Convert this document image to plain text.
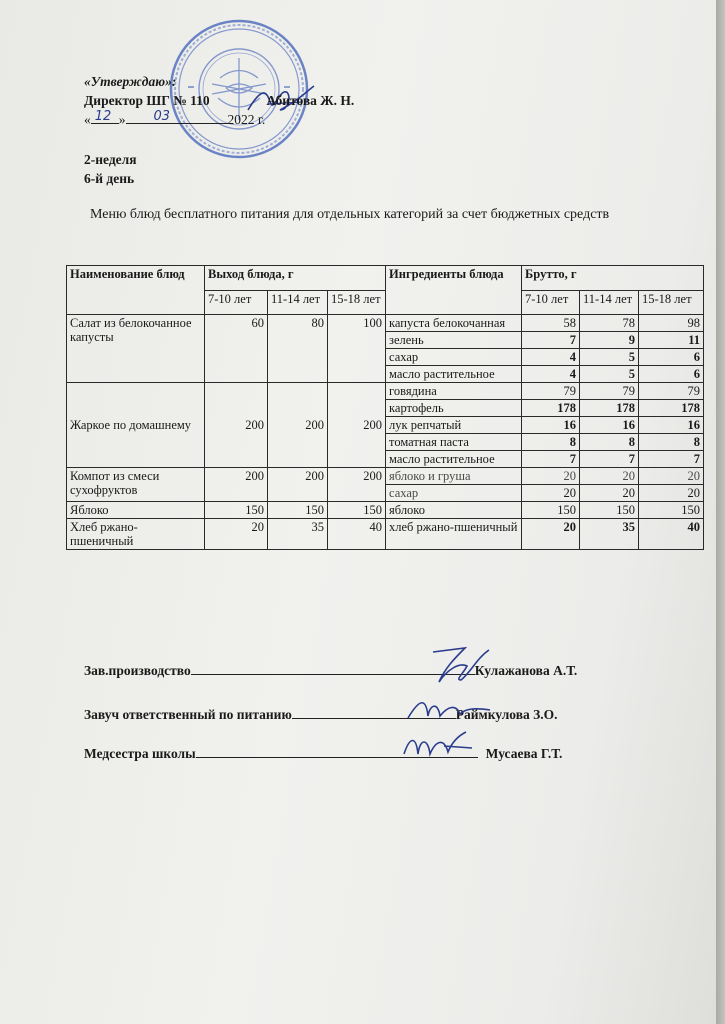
«Утверждаю»:
Директор ШГ № 110	Абитова Ж. Н.
« 12 » 03	2022 г.
2-неделя
6-й день
Меню блюд бесплатного питания для отдельных категорий за счет бюджетных средств
Наименование блюд	Выход блюда, г			Ингредиенты блюда	Брутто, г		
	7-10 лет	11-14 лет	15-18 лет		7-10 лет	11-14 лет	15-18 лет
Салат из белокочанное капусты	60	80	100	капуста белокочанная	58	78	98
				зелень	7	9	11
				сахар	4	5	6
				масло растительное	4	5	6
Жаркое по домашнему	200	200	200	говядина	79	79	79
				картофель	178	178	178
				лук репчатый	16	16	16
				томатная паста	8	8	8
				масло растительное	7	7	7
Компот из смеси сухофруктов	200	200	200	яблоко и груша	20	20	20
				сахар	20	20	20
Яблоко	150	150	150	яблоко	150	150	150
Хлеб ржано-пшеничный	20	35	40	хлеб ржано-пшеничный	20	35	40
Зав.производство	Кулажанова А.Т.
Завуч ответственный по питанию	Раймкулова З.О.
Медсестра школы	Мусаева Г.Т.
